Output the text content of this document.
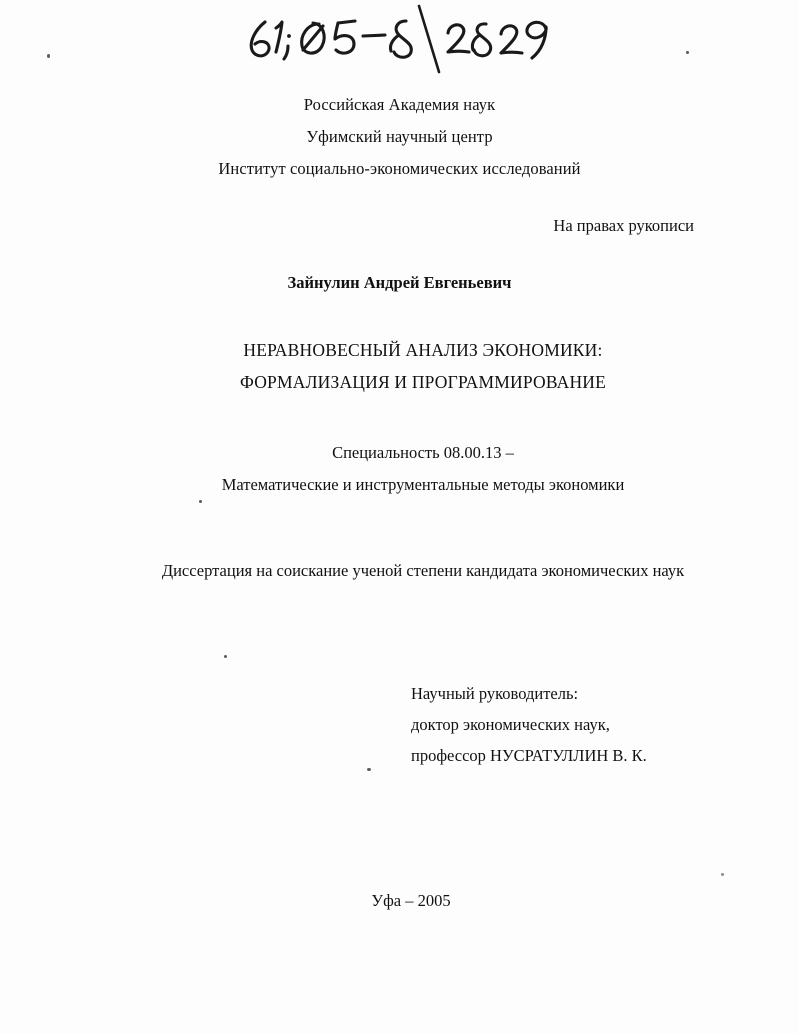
Российская Академия наук
Уфимский научный центр
Институт социально-экономических исследований
На правах рукописи
Зайнулин Андрей Евгеньевич
НЕРАВНОВЕСНЫЙ АНАЛИЗ ЭКОНОМИКИ:
ФОРМАЛИЗАЦИЯ И ПРОГРАММИРОВАНИЕ
Специальность 08.00.13 –
Математические и инструментальные методы экономики
Диссертация на соискание ученой степени кандидата экономических наук
Научный руководитель:
доктор экономических наук,
профессор НУСРАТУЛЛИН В. К.
Уфа – 2005
